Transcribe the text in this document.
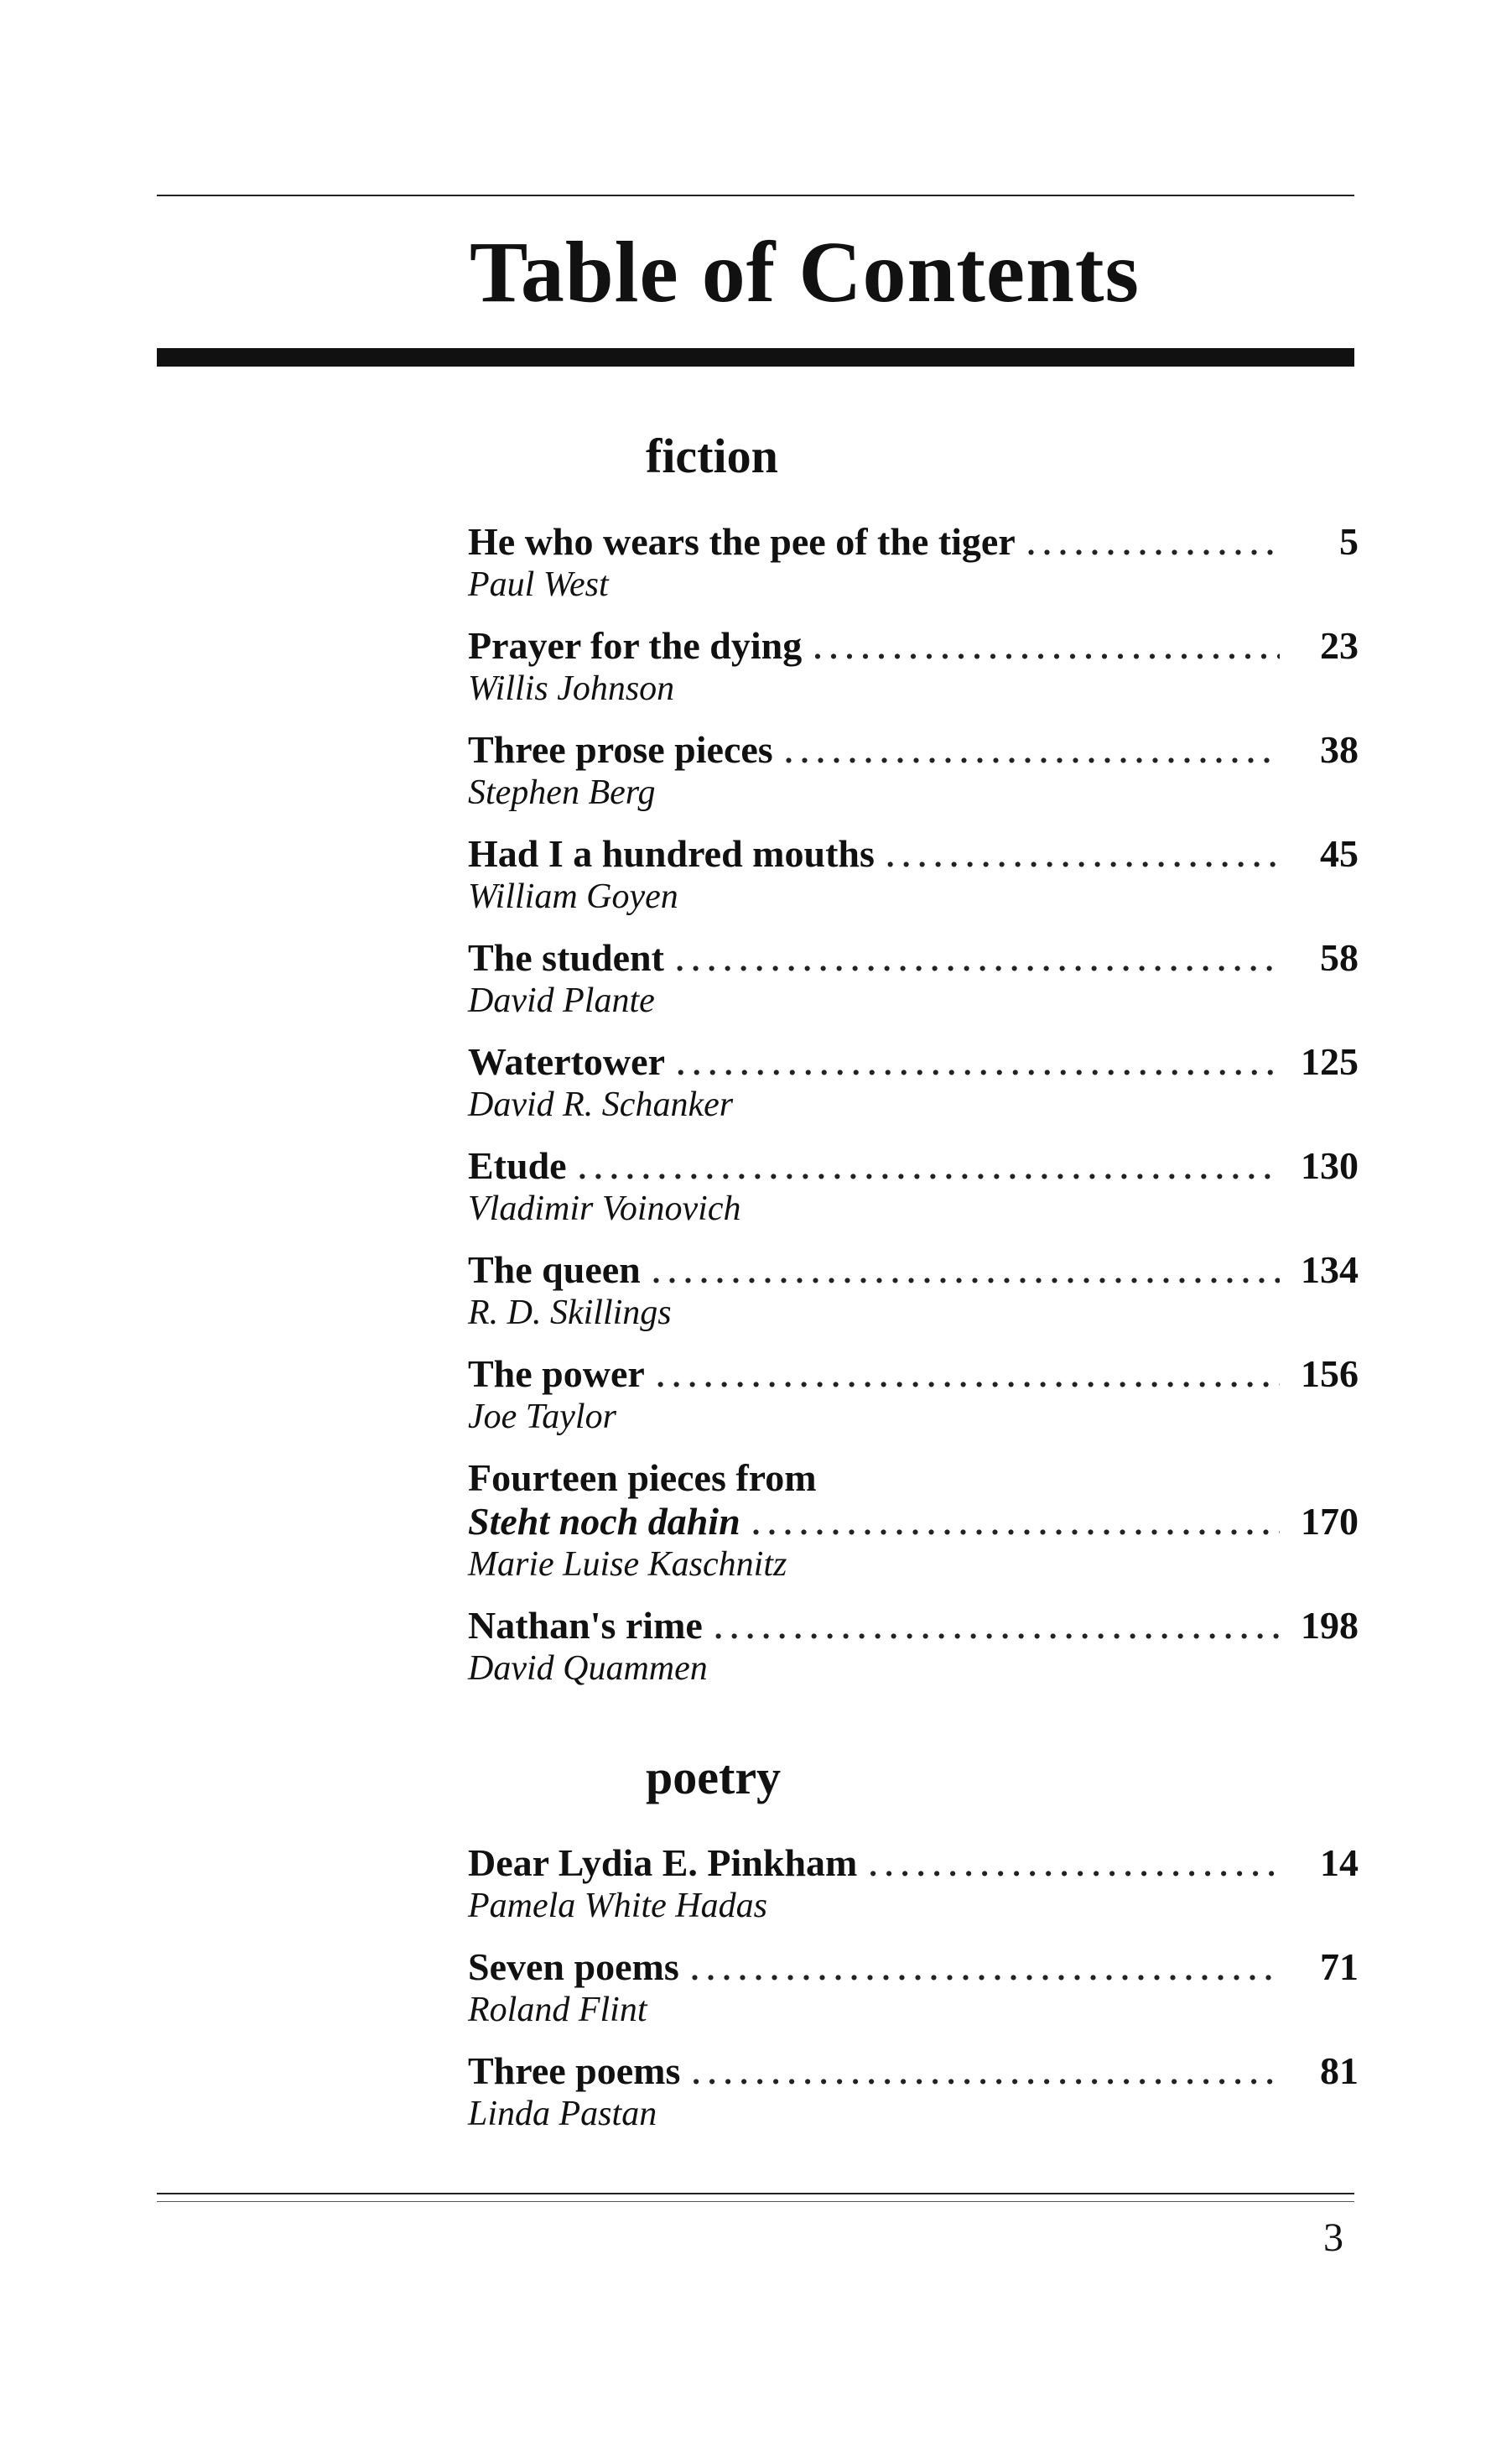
Table of Contents
fiction
He who wears the pee of the tiger . . .	5
Paul West
Prayer for the dying . . .	23
Willis Johnson
Three prose pieces . . .	38
Stephen Berg
Had I a hundred mouths . . .	45
William Goyen
The student . . .	58
David Plante
Watertower . . .	125
David R. Schanker
Etude . . .	130
Vladimir Voinovich
The queen . . .	134
R. D. Skillings
The power . . .	156
Joe Taylor
Fourteen pieces from
Steht noch dahin . . .	170
Marie Luise Kaschnitz
Nathan's rime . . .	198
David Quammen
poetry
Dear Lydia E. Pinkham . . .	14
Pamela White Hadas
Seven poems . . .	71
Roland Flint
Three poems . . .	81
Linda Pastan

3
